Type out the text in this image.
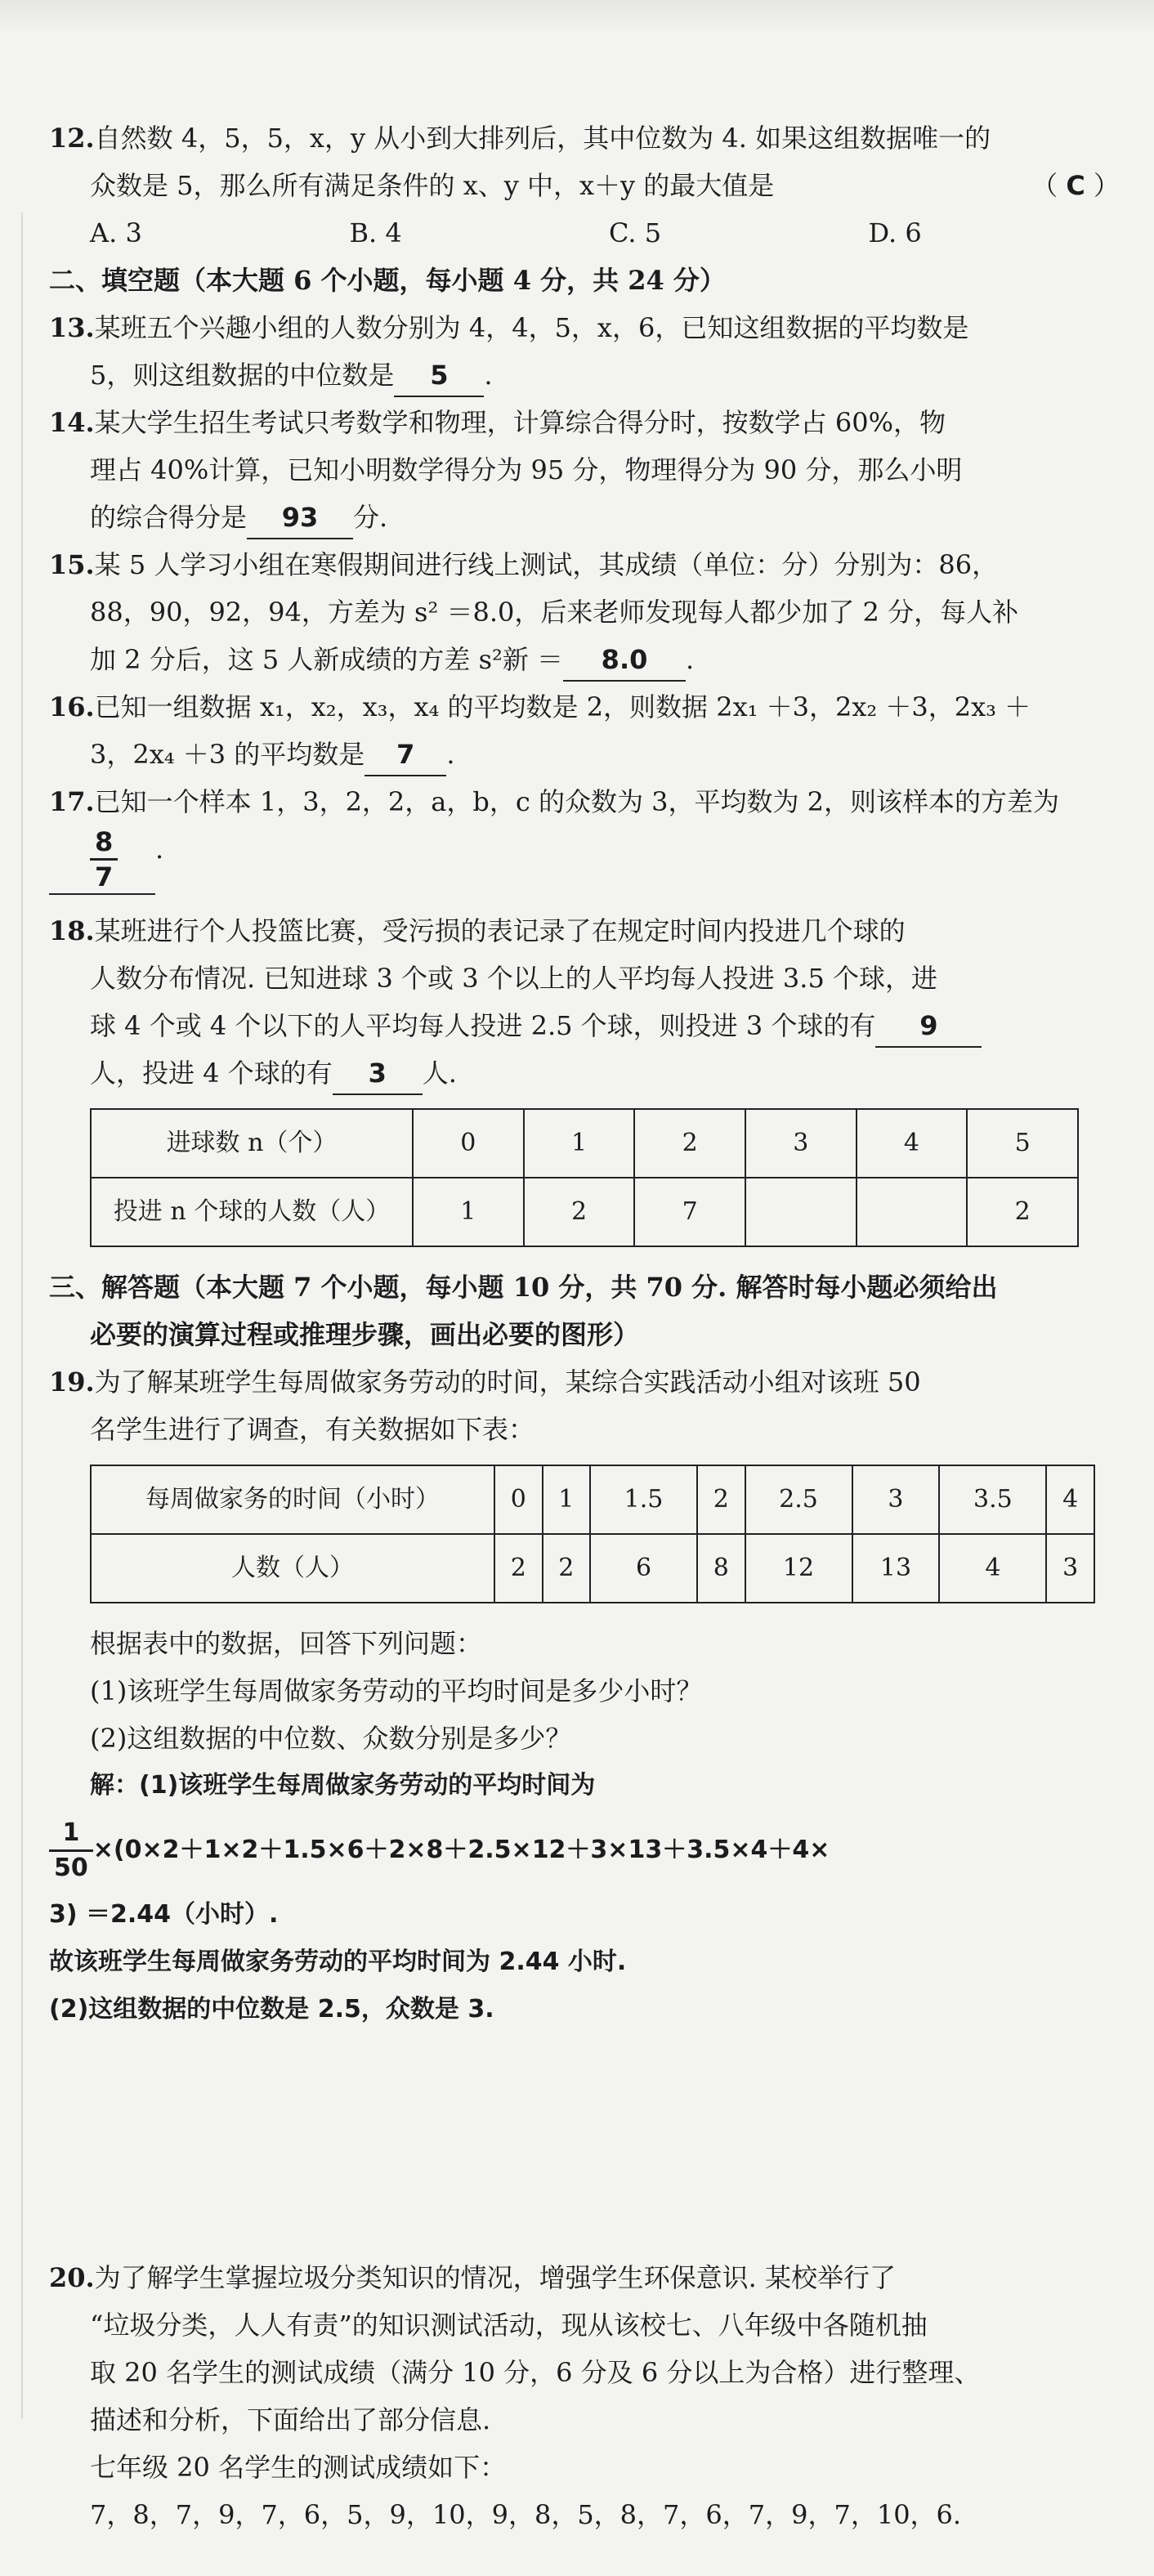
12.自然数 4，5，5，x，y 从小到大排列后，其中位数为 4. 如果这组数据唯一的
众数是 5，那么所有满足条件的 x、y 中，x＋y 的最大值是	（ C ）
A. 3	B. 4	C. 5	D. 6
二、填空题（本大题 6 个小题，每小题 4 分，共 24 分）
13.某班五个兴趣小组的人数分别为 4，4，5，x，6，已知这组数据的平均数是
5，则这组数据的中位数是 5 .
14.某大学生招生考试只考数学和物理，计算综合得分时，按数学占 60%，物
理占 40%计算，已知小明数学得分为 95 分，物理得分为 90 分，那么小明
的综合得分是 93 分.
15.某 5 人学习小组在寒假期间进行线上测试，其成绩（单位：分）分别为：86，
88，90，92，94，方差为 s² ＝8.0，后来老师发现每人都少加了 2 分，每人补
加 2 分后，这 5 人新成绩的方差 s²新 ＝ 8.0 .
16.已知一组数据 x₁，x₂，x₃，x₄ 的平均数是 2，则数据 2x₁ ＋3，2x₂ ＋3，2x₃ ＋
3，2x₄ ＋3 的平均数是 7 .
17.已知一个样本 1，3，2，2，a，b，c 的众数为 3，平均数为 2，则该样本的方差为
$\frac{8}{7}$ .
18.某班进行个人投篮比赛，受污损的表记录了在规定时间内投进几个球的
人数分布情况. 已知进球 3 个或 3 个以上的人平均每人投进 3.5 个球，进
球 4 个或 4 个以下的人平均每人投进 2.5 个球，则投进 3 个球的有 9
人，投进 4 个球的有 3 人.
进球数 n（个）	0	1	2	3	4	5
投进 n 个球的人数（人）	1	2	7			2
三、解答题（本大题 7 个小题，每小题 10 分，共 70 分. 解答时每小题必须给出
必要的演算过程或推理步骤，画出必要的图形）
19.为了解某班学生每周做家务劳动的时间，某综合实践活动小组对该班 50
名学生进行了调查，有关数据如下表：
每周做家务的时间（小时）	0	1	1.5	2	2.5	3	3.5	4
人数（人）	2	2	6	8	12	13	4	3
根据表中的数据，回答下列问题：
(1)该班学生每周做家务劳动的平均时间是多少小时？
(2)这组数据的中位数、众数分别是多少？
解：(1)该班学生每周做家务劳动的平均时间为
$\frac{1}{50} \times(0\times 2+1\times 2+1.5\times 6+2\times 8+2.5\times 12+3\times 13+3.5\times 4+4\times$
3) ＝2.44（小时）.
故该班学生每周做家务劳动的平均时间为 2.44 小时.
(2)这组数据的中位数是 2.5，众数是 3.
20.为了解学生掌握垃圾分类知识的情况，增强学生环保意识. 某校举行了
“垃圾分类，人人有责”的知识测试活动，现从该校七、八年级中各随机抽
取 20 名学生的测试成绩（满分 10 分，6 分及 6 分以上为合格）进行整理、
描述和分析，下面给出了部分信息.
七年级 20 名学生的测试成绩如下：
7，8，7，9，7，6，5，9，10，9，8，5，8，7，6，7，9，7，10，6.
